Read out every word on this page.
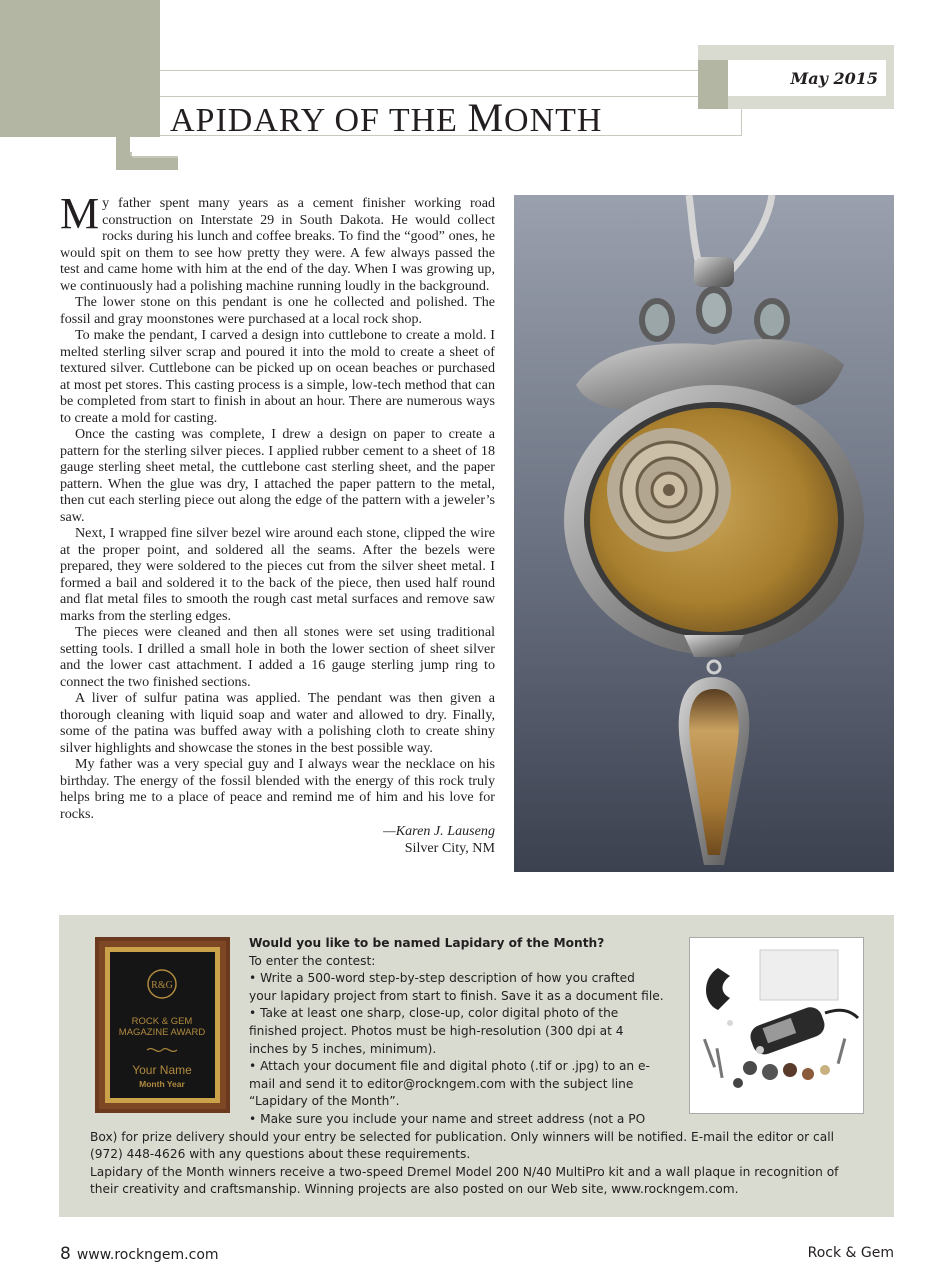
L
APIDARY OF THE MONTH
May 2015

My father spent many years as a cement finisher working road construction on Interstate 29 in South Dakota. He would collect rocks during his lunch and coffee breaks. To find the “good” ones, he would spit on them to see how pretty they were. A few always passed the test and came home with him at the end of the day. When I was growing up, we continuously had a polishing machine running loudly in the background.

The lower stone on this pendant is one he collected and polished. The fossil and gray moonstones were purchased at a local rock shop.

To make the pendant, I carved a design into cuttlebone to create a mold. I melted sterling silver scrap and poured it into the mold to create a sheet of textured silver. Cuttlebone can be picked up on ocean beaches or purchased at most pet stores. This casting process is a simple, low-tech method that can be completed from start to finish in about an hour. There are numerous ways to create a mold for casting.

Once the casting was complete, I drew a design on paper to create a pattern for the sterling silver pieces. I applied rubber cement to a sheet of 18 gauge sterling sheet metal, the cuttlebone cast sterling sheet, and the paper pattern. When the glue was dry, I attached the paper pattern to the metal, then cut each sterling piece out along the edge of the pattern with a jeweler’s saw.

Next, I wrapped fine silver bezel wire around each stone, clipped the wire at the proper point, and soldered all the seams. After the bezels were prepared, they were soldered to the pieces cut from the silver sheet metal. I formed a bail and soldered it to the back of the piece, then used half round and flat metal files to smooth the rough cast metal surfaces and remove saw marks from the sterling edges.

The pieces were cleaned and then all stones were set using traditional setting tools. I drilled a small hole in both the lower section of sheet silver and the lower cast attachment. I added a 16 gauge sterling jump ring to connect the two finished sections.

A liver of sulfur patina was applied. The pendant was then given a thorough cleaning with liquid soap and water and allowed to dry. Finally, some of the patina was buffed away with a polishing cloth to create shiny silver highlights and showcase the stones in the best possible way.

My father was a very special guy and I always wear the necklace on his birthday. The energy of the fossil blended with the energy of this rock truly helps bring me to a place of peace and remind me of him and his love for rocks.

—Karen J. Lauseng
Silver City, NM
R&G
ROCK & GEM
MAGAZINE AWARD
Your Name
Month Year

Would you like to be named Lapidary of the Month?

To enter the contest:

• Write a 500-word step-by-step description of how you crafted your lapidary project from start to finish. Save it as a document file.

• Take at least one sharp, close-up, color digital photo of the finished project. Photos must be high-resolution (300 dpi at 4 inches by 5 inches, minimum).

• Attach your document file and digital photo (.tif or .jpg) to an e-mail and send it to editor@rockngem.com with the subject line “Lapidary of the Month”.

• Make sure you include your name and street address (not a PO Box) for prize delivery should your entry be selected for publication. Only winners will be notified. E-mail the editor or call (972) 448-4626 with any questions about these requirements.

Lapidary of the Month winners receive a two-speed Dremel Model 200 N/40 MultiPro kit and a wall plaque in recognition of their creativity and craftsmanship. Winning projects are also posted on our Web site, www.rockngem.com.

8 www.rockngem.com	Rock & Gem
